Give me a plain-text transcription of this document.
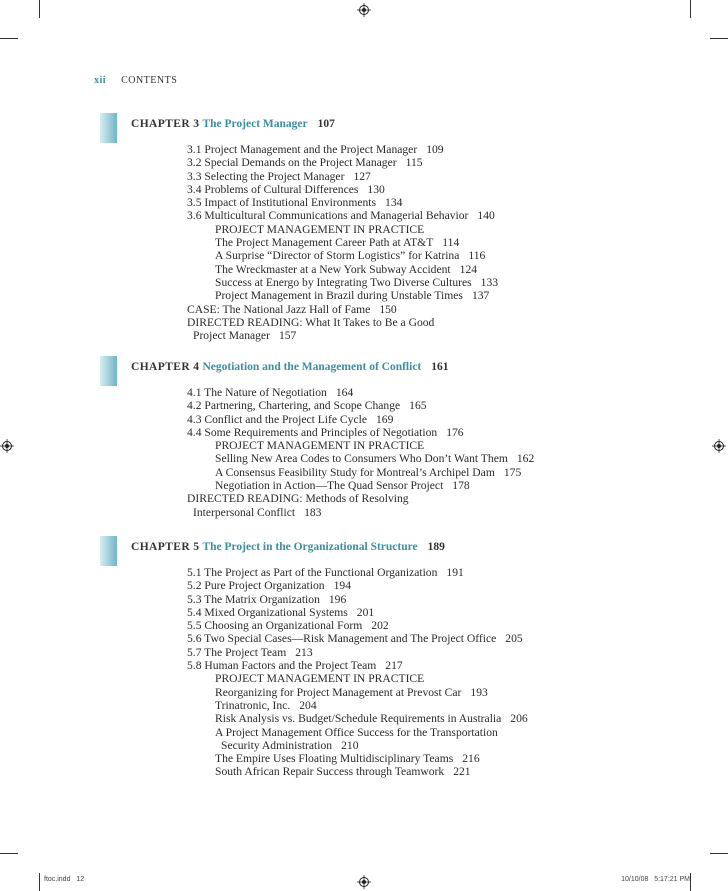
xii CONTENTS
CHAPTER 3 The Project Manager 107
3.1 Project Management and the Project Manager 109
3.2 Special Demands on the Project Manager 115
3.3 Selecting the Project Manager 127
3.4 Problems of Cultural Differences 130
3.5 Impact of Institutional Environments 134
3.6 Multicultural Communications and Managerial Behavior 140
PROJECT MANAGEMENT IN PRACTICE
The Project Management Career Path at AT&T 114
A Surprise “Director of Storm Logistics” for Katrina 116
The Wreckmaster at a New York Subway Accident 124
Success at Energo by Integrating Two Diverse Cultures 133
Project Management in Brazil during Unstable Times 137
CASE: The National Jazz Hall of Fame 150
DIRECTED READING: What It Takes to Be a Good
Project Manager 157
CHAPTER 4 Negotiation and the Management of Conflict 161
4.1 The Nature of Negotiation 164
4.2 Partnering, Chartering, and Scope Change 165
4.3 Conflict and the Project Life Cycle 169
4.4 Some Requirements and Principles of Negotiation 176
PROJECT MANAGEMENT IN PRACTICE
Selling New Area Codes to Consumers Who Don’t Want Them 162
A Consensus Feasibility Study for Montreal’s Archipel Dam 175
Negotiation in Action—The Quad Sensor Project 178
DIRECTED READING: Methods of Resolving
Interpersonal Conflict 183
CHAPTER 5 The Project in the Organizational Structure 189
5.1 The Project as Part of the Functional Organization 191
5.2 Pure Project Organization 194
5.3 The Matrix Organization 196
5.4 Mixed Organizational Systems 201
5.5 Choosing an Organizational Form 202
5.6 Two Special Cases—Risk Management and The Project Office 205
5.7 The Project Team 213
5.8 Human Factors and the Project Team 217
PROJECT MANAGEMENT IN PRACTICE
Reorganizing for Project Management at Prevost Car 193
Trinatronic, Inc. 204
Risk Analysis vs. Budget/Schedule Requirements in Australia 206
A Project Management Office Success for the Transportation
Security Administration 210
The Empire Uses Floating Multidisciplinary Teams 216
South African Repair Success through Teamwork 221
ftoc.indd   12	10/10/08   5:17:21 PM
